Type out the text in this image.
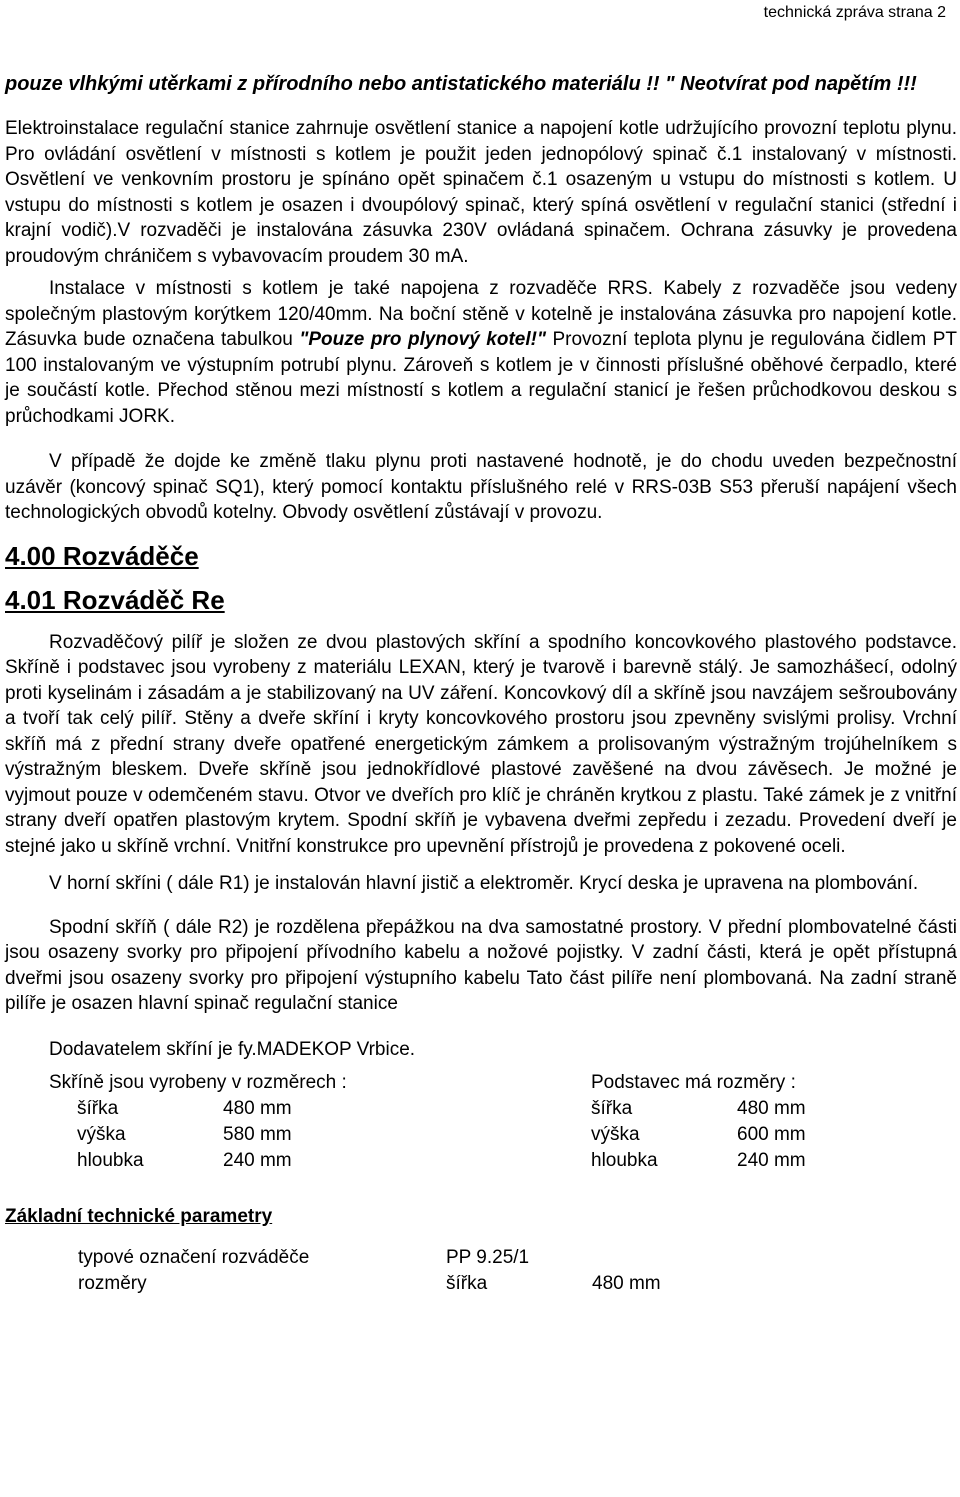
technická zpráva strana 2

pouze vlhkými utěrkami z přírodního nebo antistatického materiálu !! " Neotvírat pod napětím !!!

Elektroinstalace regulační stanice zahrnuje osvětlení stanice a napojení kotle udržujícího provozní teplotu plynu. Pro ovládání osvětlení v místnosti s kotlem je použit jeden jednopólový spinač č.1 instalovaný v místnosti. Osvětlení ve venkovním prostoru je spínáno opět spinačem č.1 osazeným u vstupu do místnosti s kotlem. U vstupu do místnosti s kotlem je osazen i dvoupólový spinač, který spíná osvětlení v regulační stanici (střední i krajní vodič).V rozvaděči je instalována zásuvka 230V ovládaná spinačem. Ochrana zásuvky je provedena proudovým chráničem s vybavovacím proudem 30 mA.

Instalace v místnosti s kotlem je také napojena z rozvaděče RRS. Kabely z rozvaděče jsou vedeny společným plastovým korýtkem 120/40mm. Na boční stěně v kotelně je instalována zásuvka pro napojení kotle. Zásuvka bude označena tabulkou "Pouze pro plynový kotel!" Provozní teplota plynu je regulována čidlem PT 100 instalovaným ve výstupním potrubí plynu. Zároveň s kotlem je v činnosti příslušné oběhové čerpadlo, které je součástí kotle. Přechod stěnou mezi místností s kotlem a regulační stanicí je řešen průchodkovou deskou s průchodkami JORK.

V případě že dojde ke změně tlaku plynu proti nastavené hodnotě, je do chodu uveden bezpečnostní uzávěr (koncový spinač SQ1), který pomocí kontaktu příslušného relé v RRS-03B S53 přeruší napájení všech technologických obvodů kotelny. Obvody osvětlení zůstávají v provozu.

4.00 Rozváděče
4.01 Rozváděč Re

Rozvaděčový pilíř je složen ze dvou plastových skříní a spodního koncovkového plastového podstavce. Skříně i podstavec jsou vyrobeny z materiálu LEXAN, který je tvarově i barevně stálý. Je samozhášecí, odolný proti kyselinám i zásadám a je stabilizovaný na UV záření. Koncovkový díl a skříně jsou navzájem sešroubovány a tvoří tak celý pilíř. Stěny a dveře skříní i kryty koncovkového prostoru jsou zpevněny svislými prolisy. Vrchní skříň má z přední strany dveře opatřené energetickým zámkem a prolisovaným výstražným trojúhelníkem s výstražným bleskem. Dveře skříně jsou jednokřídlové plastové zavěšené na dvou závěsech. Je možné je vyjmout pouze v odemčeném stavu. Otvor ve dveřích pro klíč je chráněn krytkou z plastu. Také zámek je z vnitřní strany dveří opatřen plastovým krytem. Spodní skříň je vybavena dveřmi zepředu i zezadu. Provedení dveří je stejné jako u skříně vrchní. Vnitřní konstrukce pro upevnění přístrojů je provedena z pokovené oceli.

V horní skříni ( dále R1) je instalován hlavní jistič a elektroměr. Krycí deska je upravena na plombování.

Spodní skříň ( dále R2) je rozdělena přepážkou na dva samostatné prostory. V přední plombovatelné části jsou osazeny svorky pro připojení přívodního kabelu a nožové pojistky. V zadní části, která je opět přístupná dveřmi jsou osazeny svorky pro připojení výstupního kabelu Tato část pilíře není plombovaná. Na zadní straně pilíře je osazen hlavní spinač regulační stanice

Dodavatelem skříní je fy.MADEKOP Vrbice.

Skříně jsou vyrobeny v rozměrech :
šířka	480 mm
výška	580 mm
hloubka	240 mm
Podstavec má rozměry :
šířka	480 mm
výška	600 mm
hloubka	240 mm
Základní technické parametry
typové označení rozváděče	PP 9.25/1
rozměry	šířka	480 mm
